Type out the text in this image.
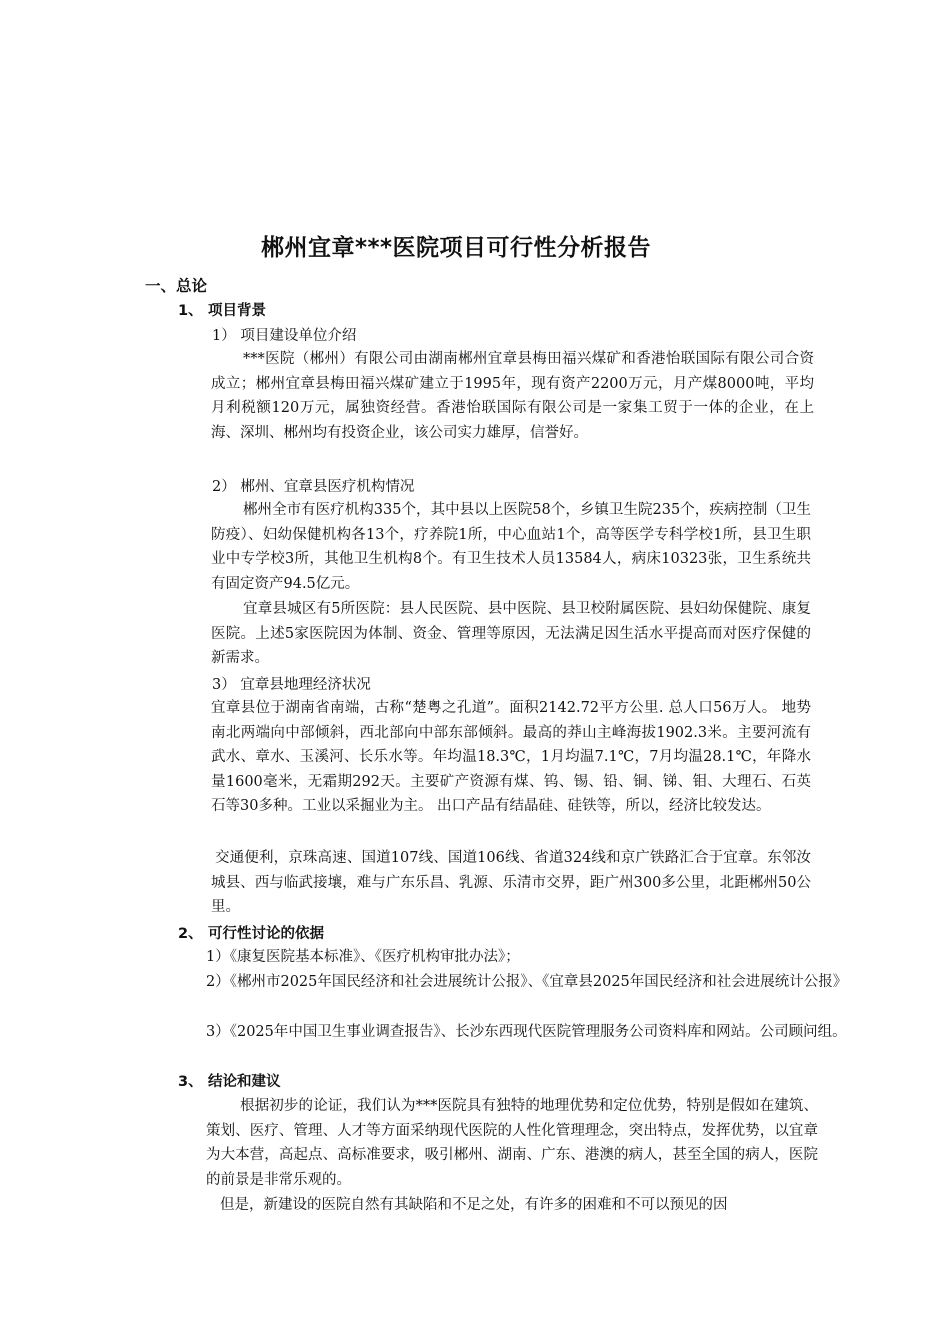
郴州宜章***医院项目可行性分析报告
一、总论
1、 项目背景
1） 项目建设单位介绍

***医院（郴州）有限公司由湖南郴州宜章县梅田福兴煤矿和香港怡联国际有限公司合资成立；郴州宜章县梅田福兴煤矿建立于1995年，现有资产2200万元，月产煤8000吨，平均月利税额120万元，属独资经营。香港怡联国际有限公司是一家集工贸于一体的企业，在上海、深圳、郴州均有投资企业，该公司实力雄厚，信誉好。

2） 郴州、宜章县医疗机构情况

郴州全市有医疗机构335个，其中县以上医院58个，乡镇卫生院235个，疾病控制（卫生防疫）、妇幼保健机构各13个，疗养院1所，中心血站1个，高等医学专科学校1所，县卫生职业中专学校3所，其他卫生机构8个。有卫生技术人员13584人，病床10323张，卫生系统共有固定资产94.5亿元。

宜章县城区有5所医院：县人民医院、县中医院、县卫校附属医院、县妇幼保健院、康复医院。上述5家医院因为体制、资金、管理等原因，无法满足因生活水平提高而对医疗保健的新需求。

3） 宜章县地理经济状况

宜章县位于湖南省南端，古称“楚粤之孔道”。面积2142.72平方公里. 总人口56万人。 地势南北两端向中部倾斜，西北部向中部东部倾斜。最高的莽山主峰海拔1902.3米。主要河流有武水、章水、玉溪河、长乐水等。年均温18.3℃，1月均温7.1℃，7月均温28.1℃，年降水量1600毫米，无霜期292天。主要矿产资源有煤、钨、锡、铅、铜、锑、钼、大理石、石英石等30多种。工业以采掘业为主。 出口产品有结晶硅、硅铁等，所以，经济比较发达。

交通便利，京珠高速、国道107线、国道106线、省道324线和京广铁路汇合于宜章。东邻汝城县、西与临武接壤，难与广东乐昌、乳源、乐清市交界，距广州300多公里，北距郴州50公里。

2、 可行性讨论的依据
1）《康复医院基本标准》、《医疗机构审批办法》；
2）《郴州市2025年国民经济和社会进展统计公报》、《宜章县2025年国民经济和社会进展统计公报》
3）《2025年中国卫生事业调查报告》、长沙东西现代医院管理服务公司资料库和网站。公司顾问组。
3、 结论和建议

根据初步的论证，我们认为***医院具有独特的地理优势和定位优势，特别是假如在建筑、策划、医疗、管理、人才等方面采纳现代医院的人性化管理理念，突出特点，发挥优势，以宜章为大本营，高起点、高标准要求，吸引郴州、湖南、广东、港澳的病人，甚至全国的病人，医院的前景是非常乐观的。

但是，新建设的医院自然有其缺陷和不足之处，有许多的困难和不可以预见的因
